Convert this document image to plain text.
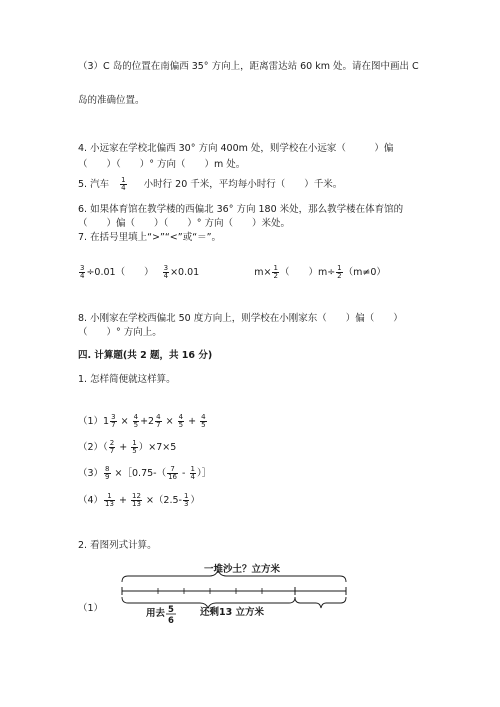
（3）C 岛的位置在南偏西 35° 方向上，距离雷达站 60 km 处。请在图中画出 C
岛的准确位置。
4. 小远家在学校北偏西 30° 方向 400m 处，则学校在小远家（　　　）偏
（　　）（　　）° 方向（　　）m 处。
5. 汽车 $\frac{1}{4}$ 小时行 20 千米，平均每小时行（　　）千米。
6. 如果体育馆在教学楼的西偏北 36° 方向 180 米处，那么教学楼在体育馆的
（　　）偏（　　）（　　）° 方向（　　）米处。
7. 在括号里填上“>”“<”或“＝”。
$\frac{3}{4} \div 0.01$（　　） $\frac{3}{4} \times 0.01$	$m\times \frac{1}{2}$ （　　）$m\div \frac{1}{2} (m\ne 0)$
8. 小刚家在学校西偏北 50 度方向上，则学校在小刚家东（　　）偏（　　）
（　　）° 方向上。
四. 计算题(共 2 题，共 16 分)
1. 怎样简便就这样算。
$(1)1 \frac{3}{7} \times \frac{4}{5} +2 \frac{4}{7} \times \frac{4}{5} + \frac{4}{5}$
$(2)( \frac{2}{7} + \frac{1}{5} )\times 7\times 5$
$(3) \frac{8}{9}$ ×［0.75-（ $\frac{7}{16} - \frac{1}{4}$ ）］
$(4) \frac{1}{13} + \frac{12}{13} \times(2.5- \frac{1}{3}$ ）
2. 看图列式计算。
（1）
一堆沙土？立方米
用去 5
6
还剩13 立方米
